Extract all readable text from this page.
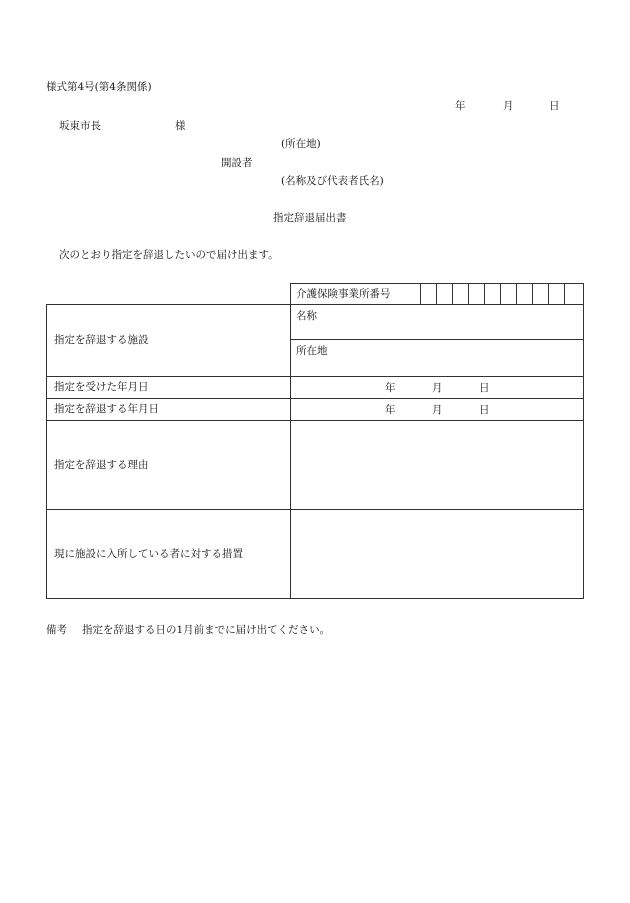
様式第4号(第4条関係)
年	月	日
坂東市長	様
(所在地)
開設者
(名称及び代表者氏名)
指定辞退届出書
次のとおり指定を辞退したいので届け出ます。
	介護保険事業所番号										
指定を辞退する施設	名称										

	所在地										

指定を受けた年月日	年 月 日										

指定を辞退する年月日	年 月 日										

指定を辞退する理由											
現に施設に入所している者に対する措置											
備考 指定を辞退する日の1月前までに届け出てください。
